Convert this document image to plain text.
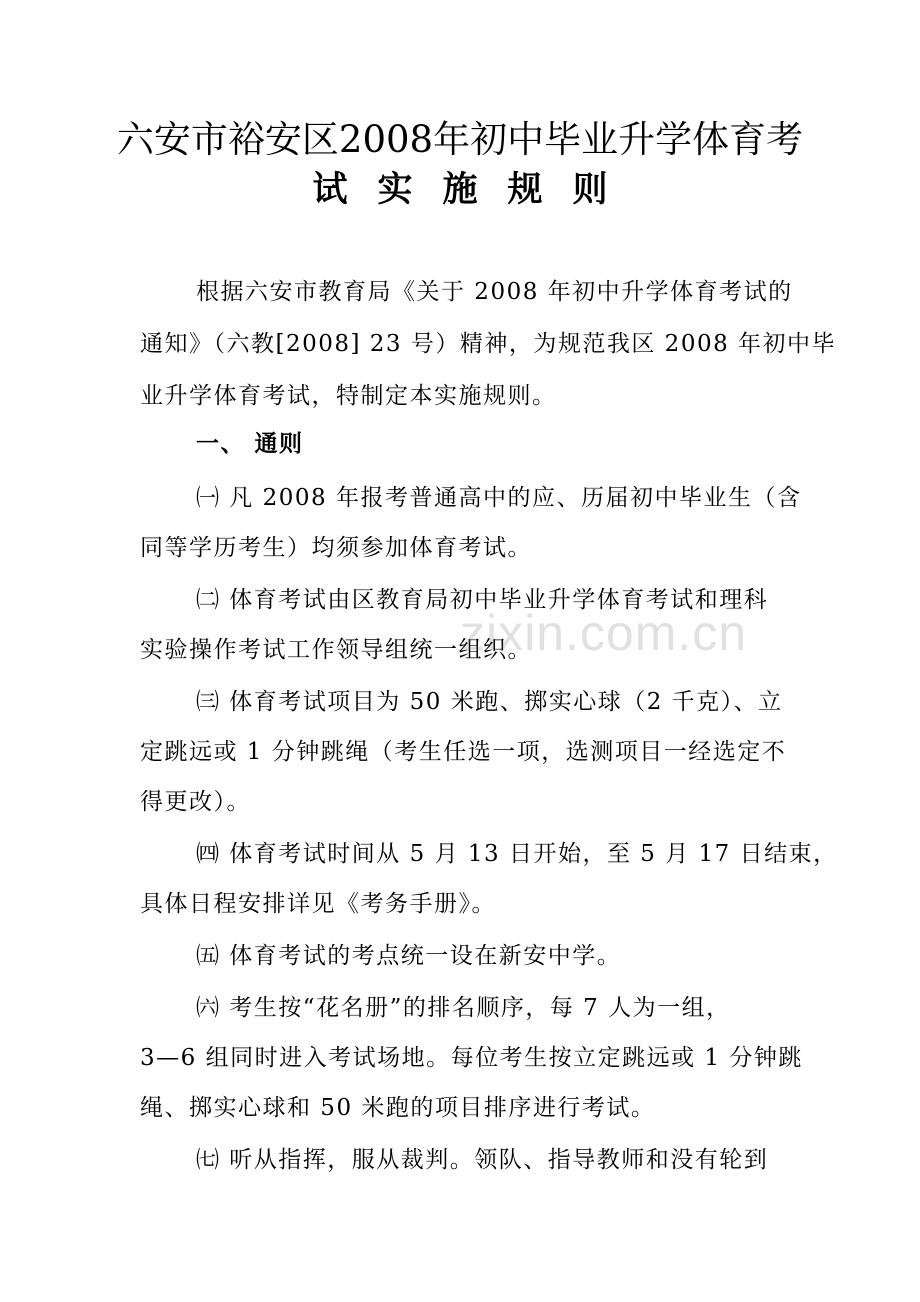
六安市裕安区2008年初中毕业升学体育考
试实施规则
根据六安市教育局《关于 2008 年初中升学体育考试的
通知》（六教[2008] 23 号）精神，为规范我区 2008 年初中毕
业升学体育考试，特制定本实施规则。
一、 通则
㈠ 凡 2008 年报考普通高中的应、历届初中毕业生（含
同等学历考生）均须参加体育考试。
㈡ 体育考试由区教育局初中毕业升学体育考试和理科
实验操作考试工作领导组统一组织。
㈢ 体育考试项目为 50 米跑、掷实心球（2 千克）、立
定跳远或 1 分钟跳绳（考生任选一项，选测项目一经选定不
得更改）。
㈣ 体育考试时间从 5 月 13 日开始，至 5 月 17 日结束，
具体日程安排详见《考务手册》。
㈤ 体育考试的考点统一设在新安中学。
㈥ 考生按“花名册”的排名顺序，每 7 人为一组，
3—6 组同时进入考试场地。每位考生按立定跳远或 1 分钟跳
绳、掷实心球和 50 米跑的项目排序进行考试。
㈦ 听从指挥，服从裁判。领队、指导教师和没有轮到
zixin.com.cn
